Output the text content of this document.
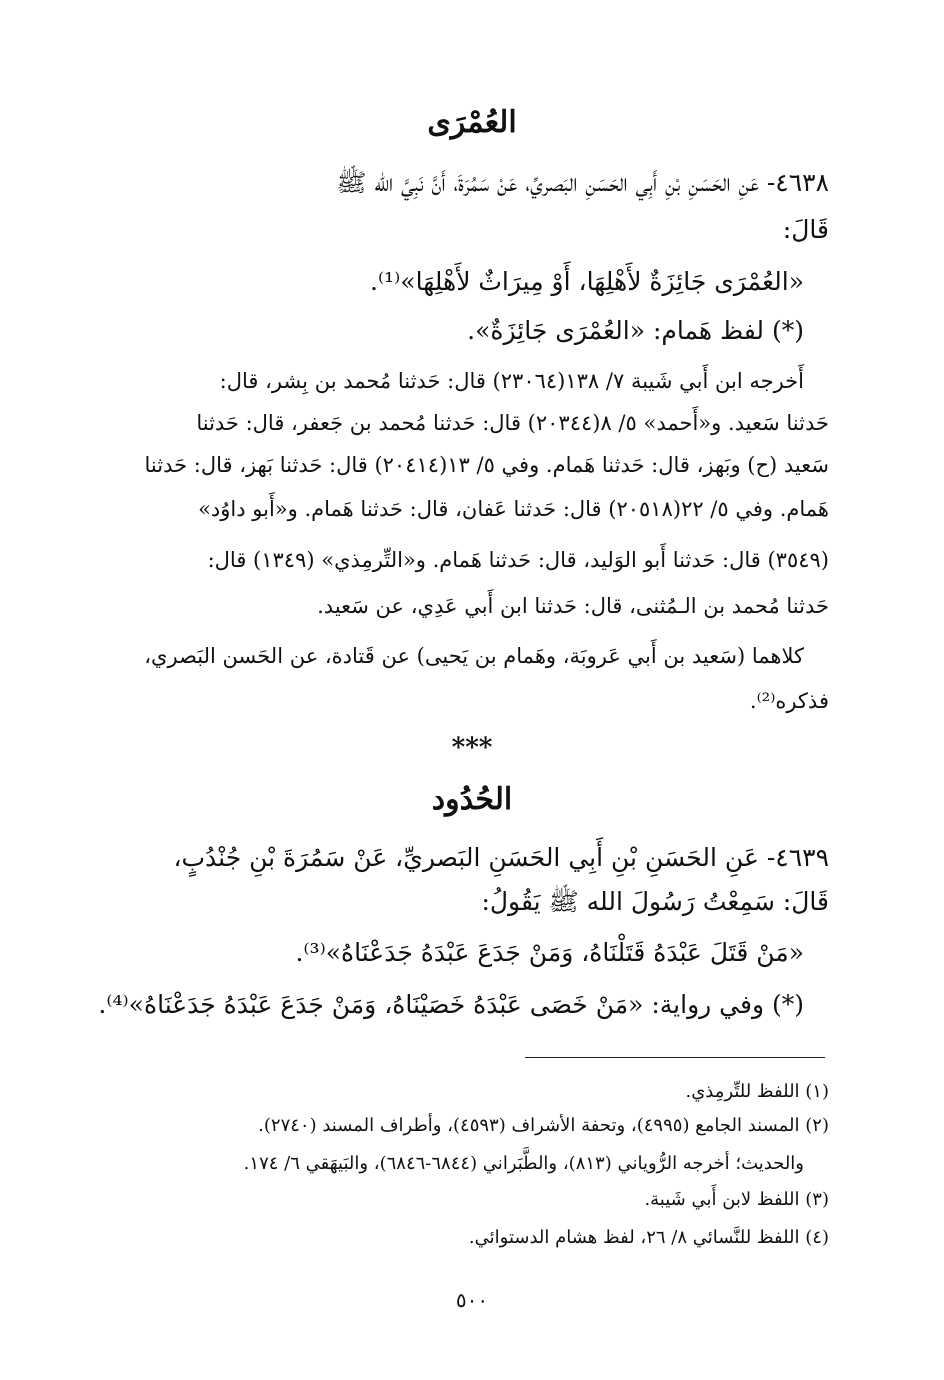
العُمْرَى
٤٦٣٨- عَنِ الحَسَنِ بْنِ أَبِي الحَسَنِ البَصريِّ، عَنْ سَمُرَةَ، أَنَّ نَبِيَّ الله ﷺ
قَالَ:
«العُمْرَى جَائِزَةٌ لأَهْلِهَا، أَوْ مِيرَاثٌ لأَهْلِهَا»⁽¹⁾.
(*) لفظ هَمام: «العُمْرَى جَائِزَةٌ».
أَخرجه ابن أَبي شَيبة ٧/ ١٣٨(٢٣٠٦٤) قال: حَدثنا مُحمد بن بِشر، قال:
حَدثنا سَعيد. و«أَحمد» ٥/ ٨(٢٠٣٤٤) قال: حَدثنا مُحمد بن جَعفر، قال: حَدثنا
سَعيد (ح) وبَهز، قال: حَدثنا هَمام. وفي ٥/ ١٣(٢٠٤١٤) قال: حَدثنا بَهز، قال: حَدثنا
هَمام. وفي ٥/ ٢٢(٢٠٥١٨) قال: حَدثنا عَفان، قال: حَدثنا هَمام. و«أَبو داوُد»
(٣٥٤٩) قال: حَدثنا أَبو الوَليد، قال: حَدثنا هَمام. و«التِّرمِذي» (١٣٤٩) قال:
حَدثنا مُحمد بن الـمُثنى، قال: حَدثنا ابن أَبي عَدِي، عن سَعيد.
كلاهما (سَعيد بن أَبي عَروبَة، وهَمام بن يَحيى) عن قَتادة، عن الحَسن البَصري،
فذكره⁽²⁾.
***
الحُدُود
٤٦٣٩- عَنِ الحَسَنِ بْنِ أَبِي الحَسَنِ البَصريِّ، عَنْ سَمُرَةَ بْنِ جُنْدُبٍ،
قَالَ: سَمِعْتُ رَسُولَ الله ﷺ يَقُولُ:
«مَنْ قَتَلَ عَبْدَهُ قَتَلْنَاهُ، وَمَنْ جَدَعَ عَبْدَهُ جَدَعْنَاهُ»⁽³⁾.
(*) وفي رواية: «مَنْ خَصَى عَبْدَهُ خَصَيْنَاهُ، وَمَنْ جَدَعَ عَبْدَهُ جَدَعْنَاهُ»⁽⁴⁾.
(١) اللفظ للتِّرمِذي.
(٢) المسند الجامع (٤٩٩٥)، وتحفة الأشراف (٤٥٩٣)، وأطراف المسند (٢٧٤٠).
والحديث؛ أخرجه الرُّوياني (٨١٣)، والطَّبَراني (٦٨٤٤-٦٨٤٦)، والبَيهَقي ٦/ ١٧٤.
(٣) اللفظ لابن أَبي شَيبة.
(٤) اللفظ للنَّسائي ٨/ ٢٦، لفظ هشام الدستوائي.
٥٠٠
